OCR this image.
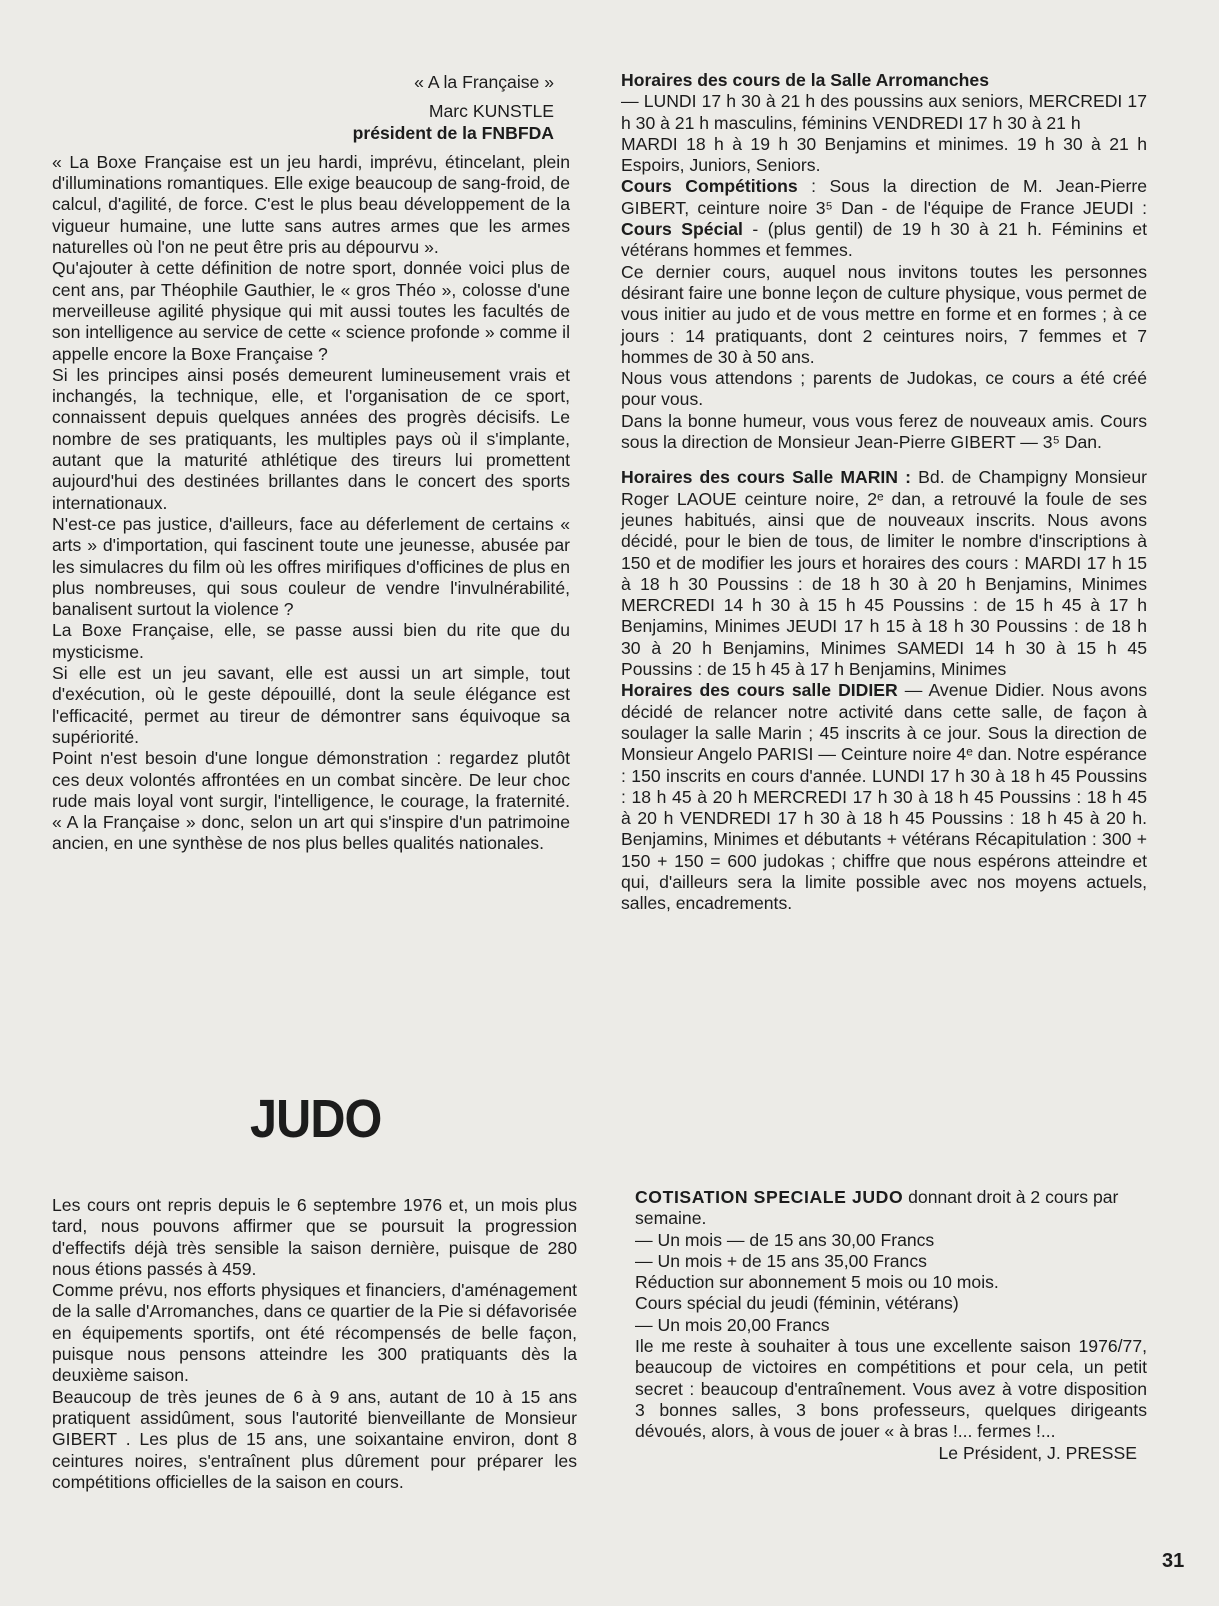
« A la Française »

Marc KUNSTLE

président de la FNBFDA

« La Boxe Française est un jeu hardi, imprévu, étincelant, plein d'illuminations romantiques. Elle exige beaucoup de sang-froid, de calcul, d'agilité, de force. C'est le plus beau développement de la vigueur humaine, une lutte sans autres armes que les armes naturelles où l'on ne peut être pris au dépourvu ».

Qu'ajouter à cette définition de notre sport, donnée voici plus de cent ans, par Théophile Gauthier, le « gros Théo », colosse d'une merveilleuse agilité physique qui mit aussi toutes les facultés de son intelligence au service de cette « science profonde » comme il appelle encore la Boxe Française ?

Si les principes ainsi posés demeurent lumineusement vrais et inchangés, la technique, elle, et l'organisation de ce sport, connaissent depuis quelques années des progrès décisifs. Le nombre de ses pratiquants, les multiples pays où il s'implante, autant que la maturité athlétique des tireurs lui promettent aujourd'hui des destinées brillantes dans le concert des sports internationaux.

N'est-ce pas justice, d'ailleurs, face au déferlement de certains « arts » d'importation, qui fascinent toute une jeunesse, abusée par les simulacres du film où les offres mirifiques d'officines de plus en plus nombreuses, qui sous couleur de vendre l'invulnérabilité, banalisent surtout la violence ?

La Boxe Française, elle, se passe aussi bien du rite que du mysticisme.

Si elle est un jeu savant, elle est aussi un art simple, tout d'exécution, où le geste dépouillé, dont la seule élégance est l'efficacité, permet au tireur de démontrer sans équivoque sa supériorité.

Point n'est besoin d'une longue démonstration : regardez plutôt ces deux volontés affrontées en un combat sincère. De leur choc rude mais loyal vont surgir, l'intelligence, le courage, la fraternité. « A la Française » donc, selon un art qui s'inspire d'un patrimoine ancien, en une synthèse de nos plus belles qualités nationales.

Horaires des cours de la Salle Arromanches

— LUNDI 17 h 30 à 21 h des poussins aux seniors, MERCREDI 17 h 30 à 21 h masculins, féminins VENDREDI 17 h 30 à 21 h

MARDI 18 h à 19 h 30 Benjamins et minimes. 19 h 30 à 21 h Espoirs, Juniors, Seniors.

Cours Compétitions : Sous la direction de M. Jean-Pierre GIBERT, ceinture noire 3⁵ Dan - de l'équipe de France JEUDI : Cours Spécial - (plus gentil) de 19 h 30 à 21 h. Féminins et vétérans hommes et femmes.

Ce dernier cours, auquel nous invitons toutes les personnes désirant faire une bonne leçon de culture physique, vous permet de vous initier au judo et de vous mettre en forme et en formes ; à ce jours : 14 pratiquants, dont 2 ceintures noirs, 7 femmes et 7 hommes de 30 à 50 ans.

Nous vous attendons ; parents de Judokas, ce cours a été créé pour vous.

Dans la bonne humeur, vous vous ferez de nouveaux amis. Cours sous la direction de Monsieur Jean-Pierre GIBERT — 3⁵ Dan.

Horaires des cours Salle MARIN : Bd. de Champigny Monsieur Roger LAOUE ceinture noire, 2ᵉ dan, a retrouvé la foule de ses jeunes habitués, ainsi que de nouveaux inscrits. Nous avons décidé, pour le bien de tous, de limiter le nombre d'inscriptions à 150 et de modifier les jours et horaires des cours : MARDI 17 h 15 à 18 h 30 Poussins : de 18 h 30 à 20 h Benjamins, Minimes MERCREDI 14 h 30 à 15 h 45 Poussins : de 15 h 45 à 17 h Benjamins, Minimes JEUDI 17 h 15 à 18 h 30 Poussins : de 18 h 30 à 20 h Benjamins, Minimes SAMEDI 14 h 30 à 15 h 45 Poussins : de 15 h 45 à 17 h Benjamins, Minimes

Horaires des cours salle DIDIER — Avenue Didier. Nous avons décidé de relancer notre activité dans cette salle, de façon à soulager la salle Marin ; 45 inscrits à ce jour. Sous la direction de Monsieur Angelo PARISI — Ceinture noire 4ᵉ dan. Notre espérance : 150 inscrits en cours d'année. LUNDI 17 h 30 à 18 h 45 Poussins : 18 h 45 à 20 h MERCREDI 17 h 30 à 18 h 45 Poussins : 18 h 45 à 20 h VENDREDI 17 h 30 à 18 h 45 Poussins : 18 h 45 à 20 h. Benjamins, Minimes et débutants + vétérans Récapitulation : 300 + 150 + 150 = 600 judokas ; chiffre que nous espérons atteindre et qui, d'ailleurs sera la limite possible avec nos moyens actuels, salles, encadrements.

JUDO

Les cours ont repris depuis le 6 septembre 1976 et, un mois plus tard, nous pouvons affirmer que se poursuit la progression d'effectifs déjà très sensible la saison dernière, puisque de 280 nous étions passés à 459.

Comme prévu, nos efforts physiques et financiers, d'aménagement de la salle d'Arromanches, dans ce quartier de la Pie si défavorisée en équipements sportifs, ont été récompensés de belle façon, puisque nous pensons atteindre les 300 pratiquants dès la deuxième saison.

Beaucoup de très jeunes de 6 à 9 ans, autant de 10 à 15 ans pratiquent assidûment, sous l'autorité bienveillante de Monsieur GIBERT . Les plus de 15 ans, une soixantaine environ, dont 8 ceintures noires, s'entraînent plus dûrement pour préparer les compétitions officielles de la saison en cours.

COTISATION SPECIALE JUDO donnant droit à 2 cours par semaine.

— Un mois — de 15 ans 30,00 Francs

— Un mois + de 15 ans 35,00 Francs

Réduction sur abonnement 5 mois ou 10 mois.

Cours spécial du jeudi (féminin, vétérans)

— Un mois 20,00 Francs

Ile me reste à souhaiter à tous une excellente saison 1976/77, beaucoup de victoires en compétitions et pour cela, un petit secret : beaucoup d'entraînement. Vous avez à votre disposition 3 bonnes salles, 3 bons professeurs, quelques dirigeants dévoués, alors, à vous de jouer « à bras !... fermes !...

Le Président, J. PRESSE

31
